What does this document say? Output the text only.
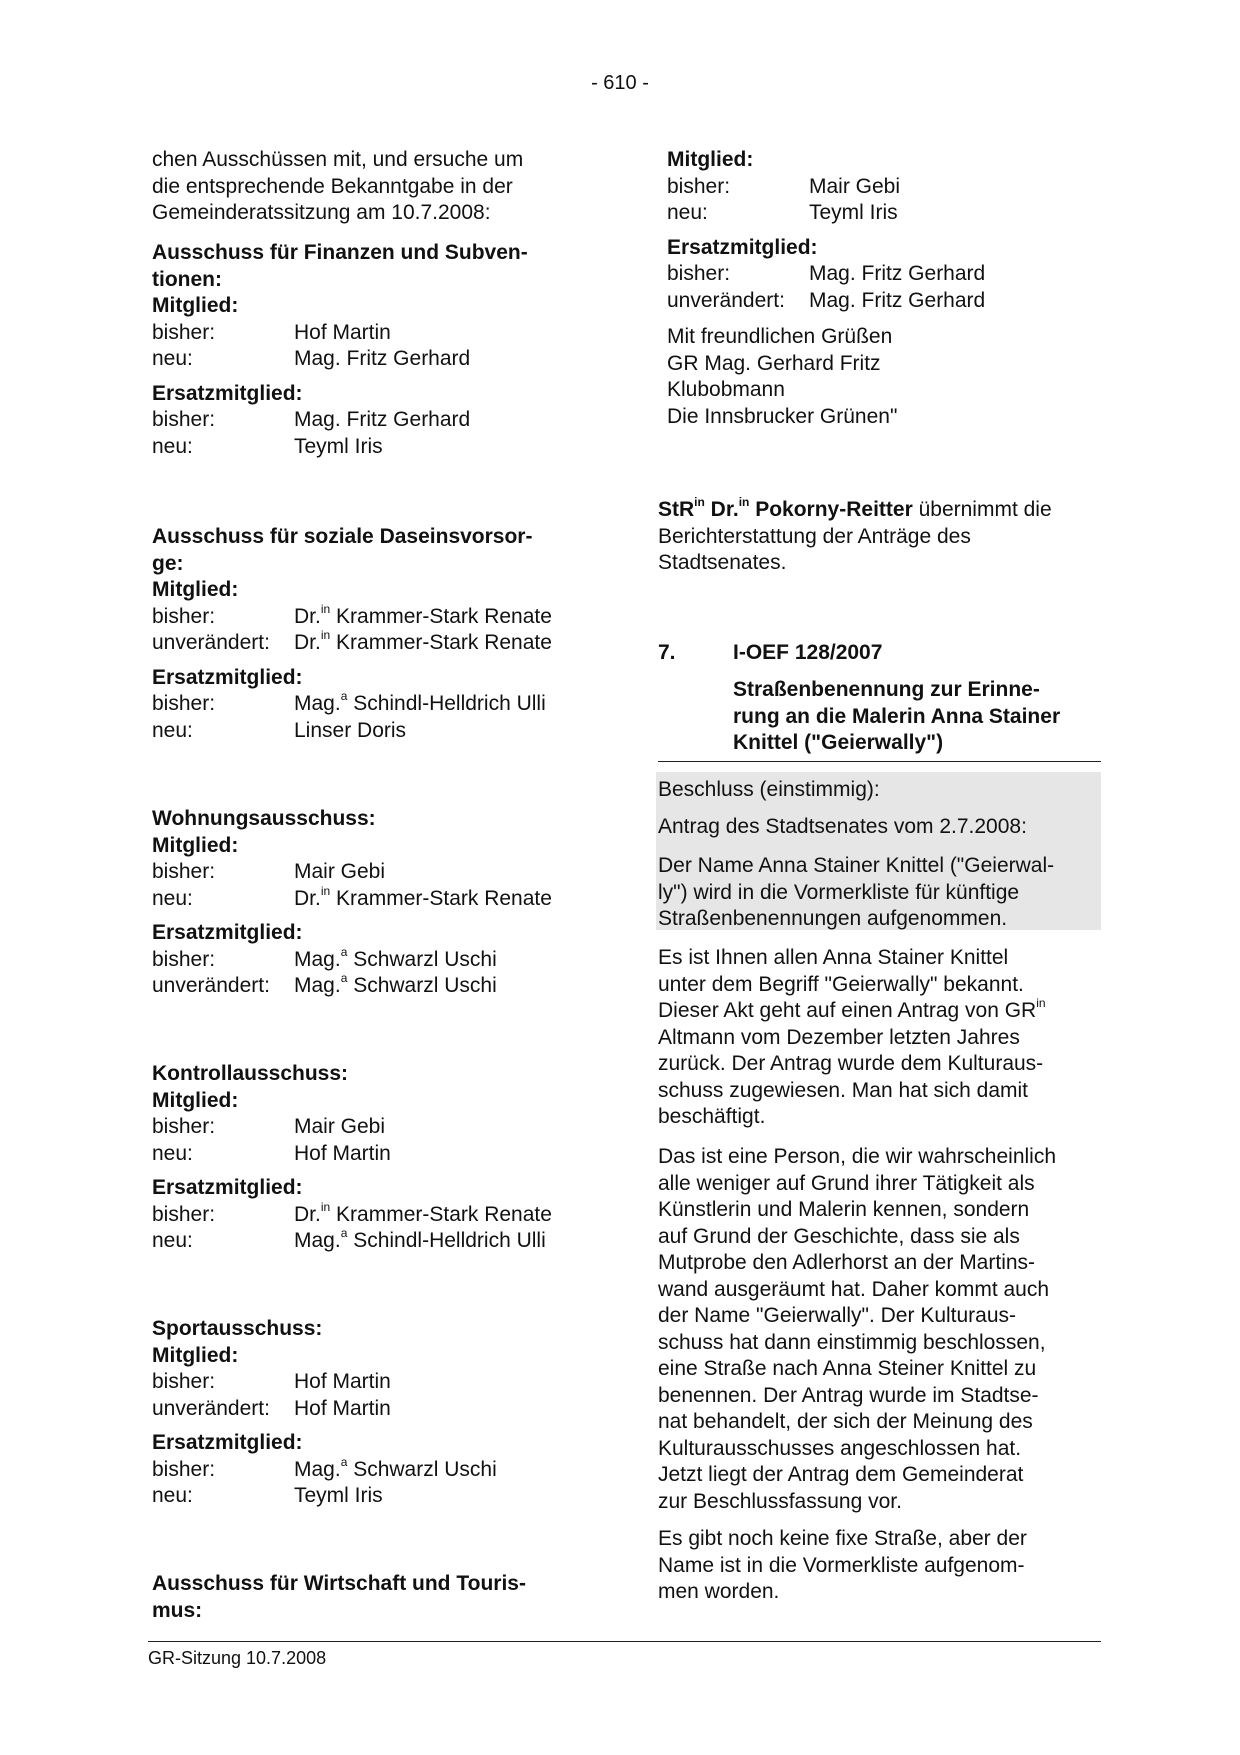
- 610 -
chen Ausschüssen mit, und ersuche um
die entsprechende Bekanntgabe in der
Gemeinderatssitzung am 10.7.2008:
Ausschuss für Finanzen und Subven-
tionen:
Mitglied:
bisher:	Hof Martin
neu:	Mag. Fritz Gerhard
Ersatzmitglied:
bisher:	Mag. Fritz Gerhard
neu:	Teyml Iris
Ausschuss für soziale Daseinsvorsor-
ge:
Mitglied:
bisher:	Dr.$^{in}$ Krammer-Stark Renate
unverändert: Dr.$^{in}$ Krammer-Stark Renate
Ersatzmitglied:
bisher:	Mag.$^a$ Schindl-Helldrich Ulli
neu:	Linser Doris
Wohnungsausschuss:
Mitglied:
bisher:	Mair Gebi
neu:	Dr.$^{in}$ Krammer-Stark Renate
Ersatzmitglied:
bisher:	Mag.$^a$ Schwarzl Uschi
unverändert: Mag.$^a$ Schwarzl Uschi
Kontrollausschuss:
Mitglied:
bisher:	Mair Gebi
neu:	Hof Martin
Ersatzmitglied:
bisher:	Dr.$^{in}$ Krammer-Stark Renate
neu:	Mag.$^a$ Schindl-Helldrich Ulli
Sportausschuss:
Mitglied:
bisher:	Hof Martin
unverändert: Hof Martin
Ersatzmitglied:
bisher:	Mag.$^a$ Schwarzl Uschi
neu:	Teyml Iris
Ausschuss für Wirtschaft und Touris-
mus:
Mitglied:
bisher:	Mair Gebi
neu:	Teyml Iris
Ersatzmitglied:
bisher:	Mag. Fritz Gerhard
unverändert: Mag. Fritz Gerhard
Mit freundlichen Grüßen
GR Mag. Gerhard Fritz
Klubobmann
Die Innsbrucker Grünen"
StR$^{in}$ Dr.$^{in}$ Pokorny-Reitter übernimmt die
Berichterstattung der Anträge des
Stadtsenates.
7.	I-OEF 128/2007
Straßenbenennung zur Erinne-
rung an die Malerin Anna Stainer
Knittel ("Geierwally")
Beschluss (einstimmig):
Antrag des Stadtsenates vom 2.7.2008:
Der Name Anna Stainer Knittel ("Geierwal-
ly") wird in die Vormerkliste für künftige
Straßenbenennungen aufgenommen.
Es ist Ihnen allen Anna Stainer Knittel
unter dem Begriff "Geierwally" bekannt.
Dieser Akt geht auf einen Antrag von $GR^{in}$
Altmann vom Dezember letzten Jahres
zurück. Der Antrag wurde dem Kulturaus-
schuss zugewiesen. Man hat sich damit
beschäftigt.
Das ist eine Person, die wir wahrscheinlich
alle weniger auf Grund ihrer Tätigkeit als
Künstlerin und Malerin kennen, sondern
auf Grund der Geschichte, dass sie als
Mutprobe den Adlerhorst an der Martins-
wand ausgeräumt hat. Daher kommt auch
der Name "Geierwally". Der Kulturaus-
schuss hat dann einstimmig beschlossen,
eine Straße nach Anna Steiner Knittel zu
benennen. Der Antrag wurde im Stadtse-
nat behandelt, der sich der Meinung des
Kulturausschusses angeschlossen hat.
Jetzt liegt der Antrag dem Gemeinderat
zur Beschlussfassung vor.
Es gibt noch keine fixe Straße, aber der
Name ist in die Vormerkliste aufgenom-
men worden.
GR-Sitzung 10.7.2008
